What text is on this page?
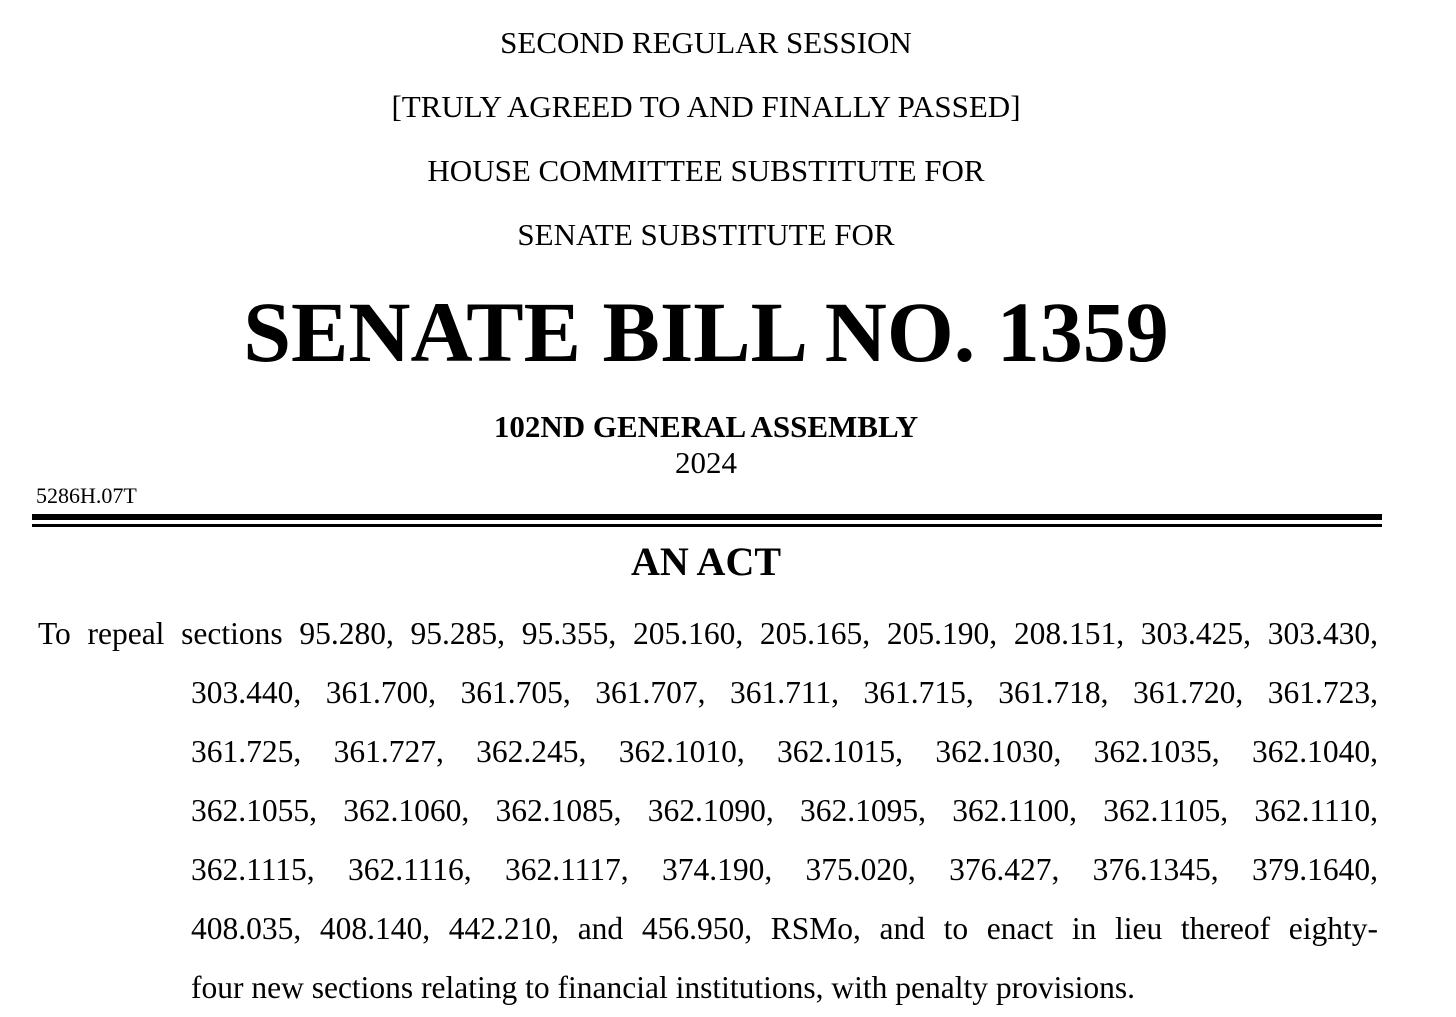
SECOND REGULAR SESSION
[TRULY AGREED TO AND FINALLY PASSED]
HOUSE COMMITTEE SUBSTITUTE FOR
SENATE SUBSTITUTE FOR
SENATE BILL NO. 1359
102ND GENERAL ASSEMBLY
2024
5286H.07T
AN ACT
To repeal sections 95.280, 95.285, 95.355, 205.160, 205.165, 205.190, 208.151, 303.425, 303.430,
303.440, 361.700, 361.705, 361.707, 361.711, 361.715, 361.718, 361.720, 361.723,
361.725, 361.727, 362.245, 362.1010, 362.1015, 362.1030, 362.1035, 362.1040,
362.1055, 362.1060, 362.1085, 362.1090, 362.1095, 362.1100, 362.1105, 362.1110,
362.1115, 362.1116, 362.1117, 374.190, 375.020, 376.427, 376.1345, 379.1640,
408.035, 408.140, 442.210, and 456.950, RSMo, and to enact in lieu thereof eighty-
four new sections relating to financial institutions, with penalty provisions.
